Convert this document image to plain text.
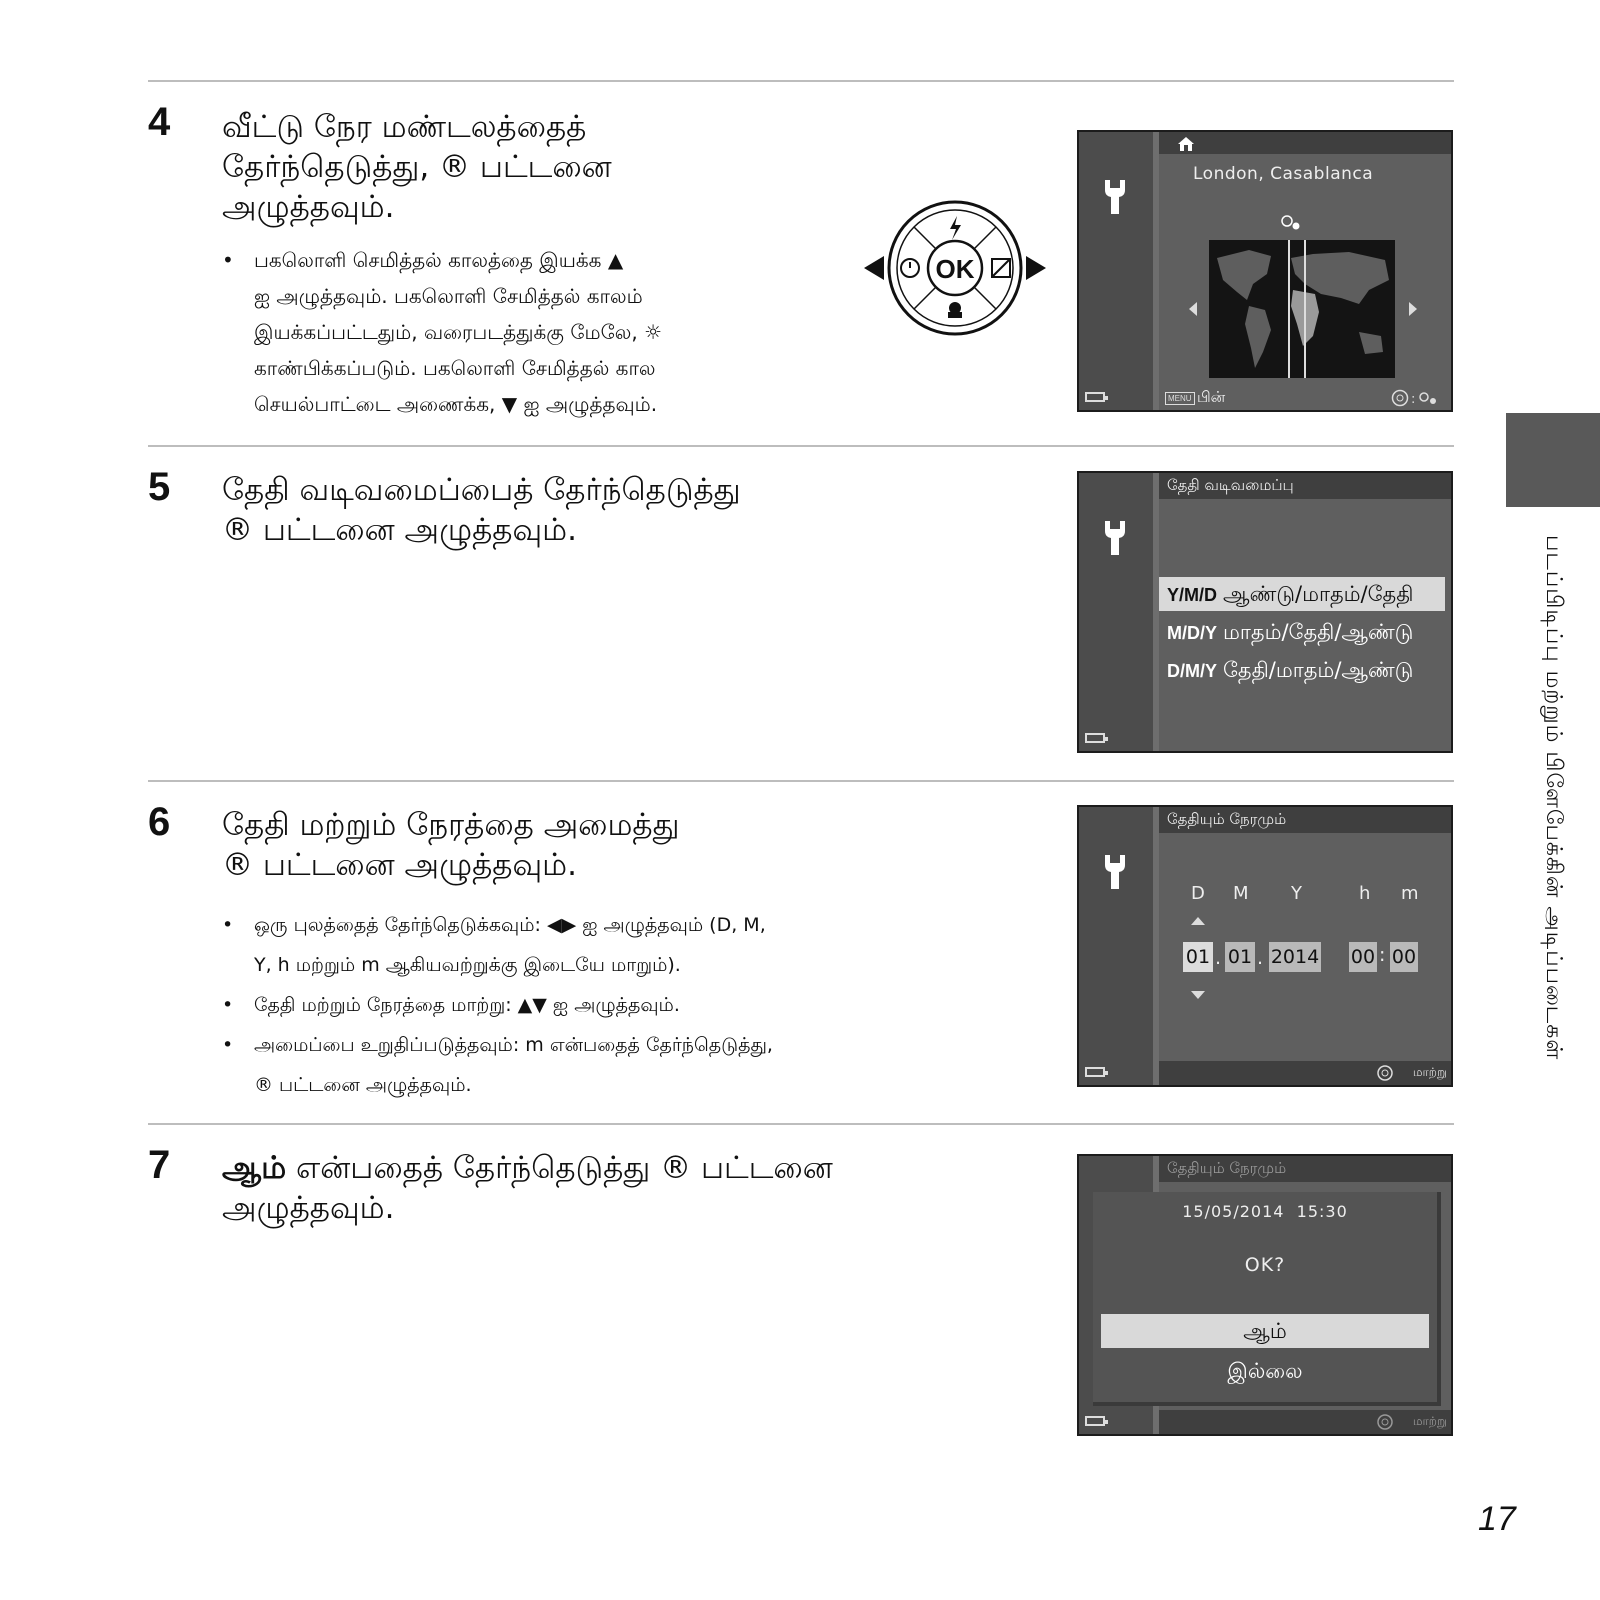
4 வீட்டு நேர மண்டலத்தைத்
தேர்ந்தெடுத்து, ® பட்டனை
அழுத்தவும்.
• பகலொளி செமித்தல் காலத்தை இயக்க ▲
ஐ அழுத்தவும். பகலொளி சேமித்தல் காலம்
இயக்கப்பட்டதும், வரைபடத்துக்கு மேலே, ☼
காண்பிக்கப்படும். பகலொளி சேமித்தல் கால
செயல்பாட்டை அணைக்க, ▼ ஐ அழுத்தவும்.
OK
London, Casablanca
MENU பின்	:
5 தேதி வடிவமைப்பைத் தேர்ந்தெடுத்து
® பட்டனை அழுத்தவும்.
தேதி வடிவமைப்பு
Y/M/D ஆண்டு/மாதம்/தேதி
M/D/Y மாதம்/தேதி/ஆண்டு
D/M/Y தேதி/மாதம்/ஆண்டு
6 தேதி மற்றும் நேரத்தை அமைத்து
® பட்டனை அழுத்தவும்.
• ஒரு புலத்தைத் தேர்ந்தெடுக்கவும்: ◀▶ ஐ அழுத்தவும் (D, M,
Y, h மற்றும் m ஆகியவற்றுக்கு இடையே மாறும்).
• தேதி மற்றும் நேரத்தை மாற்று: ▲▼ ஐ அழுத்தவும்.
• அமைப்பை உறுதிப்படுத்தவும்: m என்பதைத் தேர்ந்தெடுத்து,
® பட்டனை அழுத்தவும்.
தேதியும் நேரமும்
D M Y	h m
01 . 01 . 2014 00 : 00
மாற்று
7 ஆம் என்பதைத் தேர்ந்தெடுத்து ® பட்டனை
அழுத்தவும்.
தேதியும் நேரமும்
15/05/2014  15:30
OK?
ஆம்
இல்லை
மாற்று
படப்பிடிப்பு மற்றும் பிளேபேக்கின் அடிப்படைகள்
17
